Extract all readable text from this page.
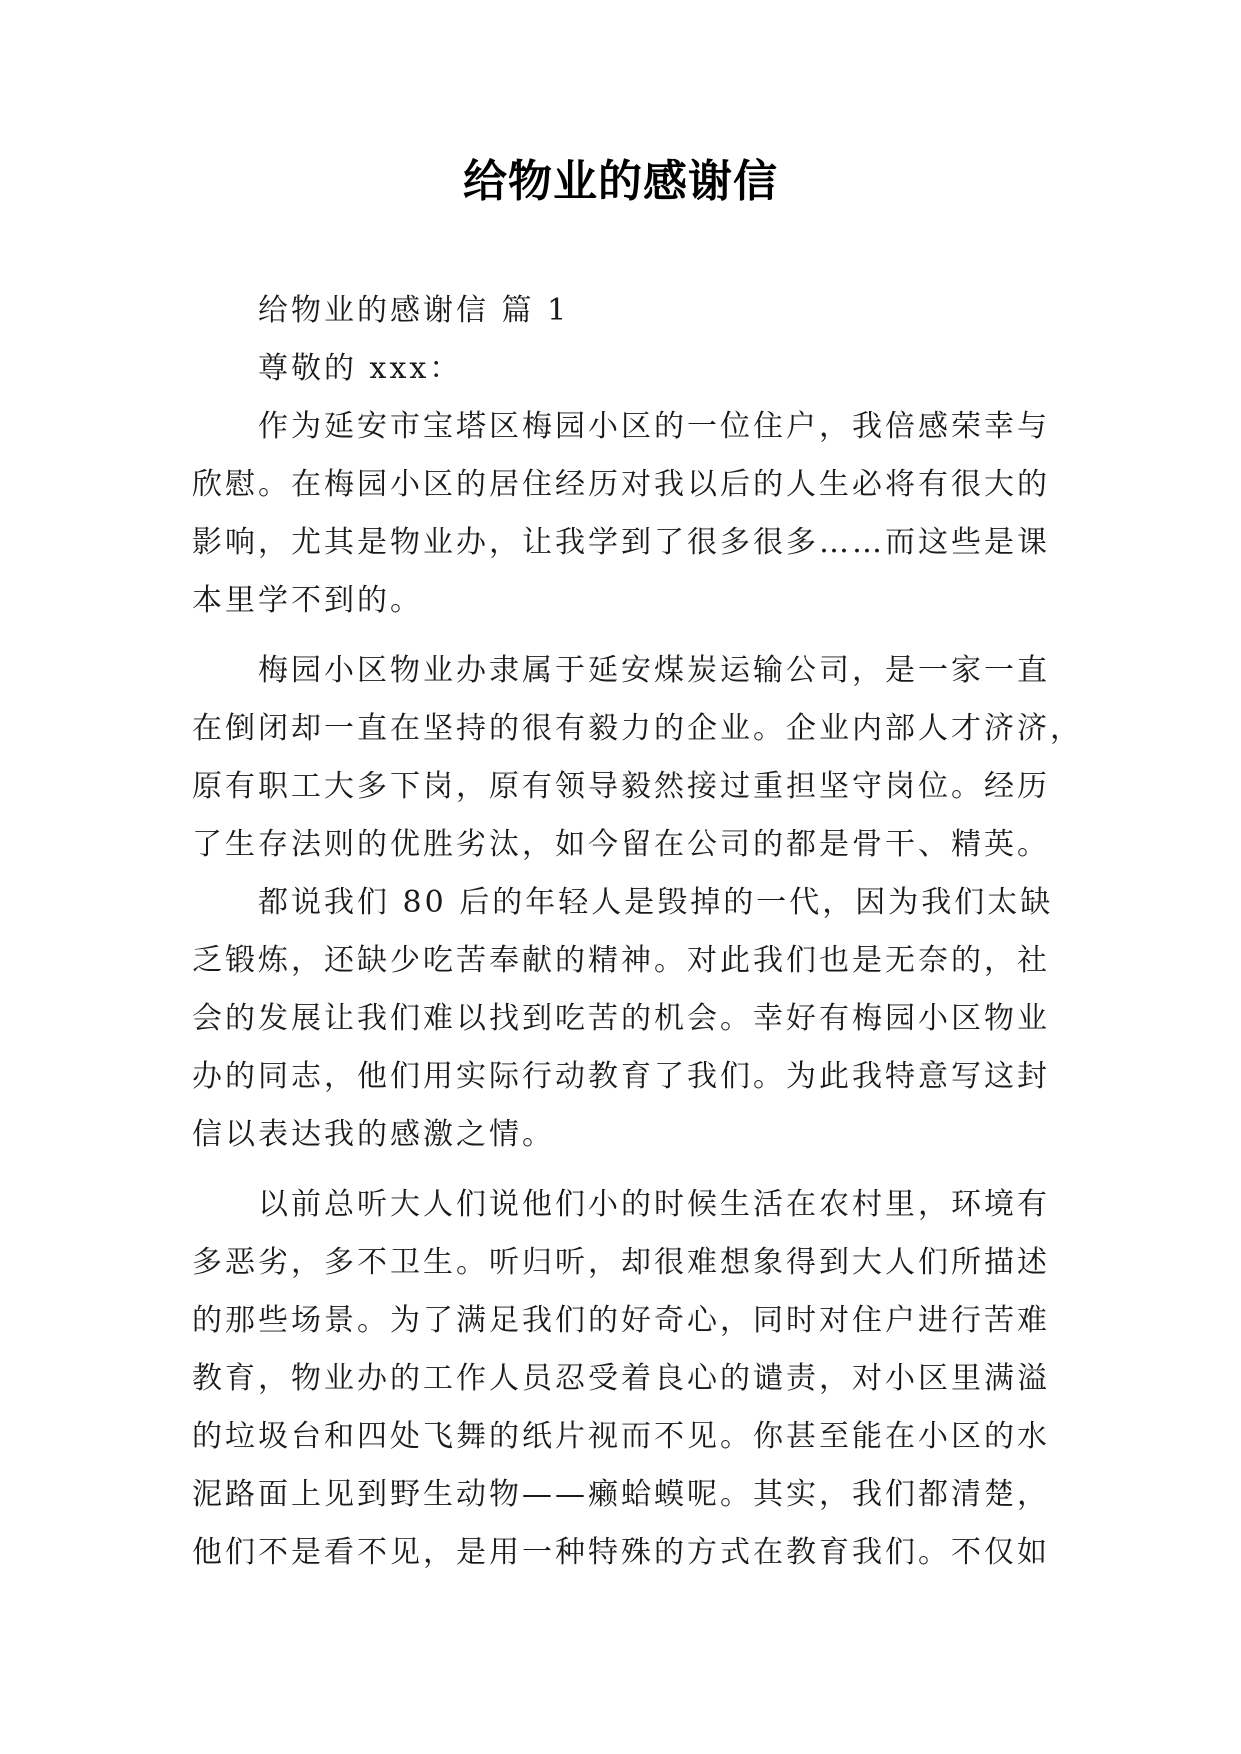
给物业的感谢信
给物业的感谢信 篇 1
尊敬的 xxx：
作为延安市宝塔区梅园小区的一位住户，我倍感荣幸与
欣慰。在梅园小区的居住经历对我以后的人生必将有很大的
影响，尤其是物业办，让我学到了很多很多……而这些是课
本里学不到的。
梅园小区物业办隶属于延安煤炭运输公司，是一家一直
在倒闭却一直在坚持的很有毅力的企业。企业内部人才济济，
原有职工大多下岗，原有领导毅然接过重担坚守岗位。经历
了生存法则的优胜劣汰，如今留在公司的都是骨干、精英。
都说我们 80 后的年轻人是毁掉的一代，因为我们太缺
乏锻炼，还缺少吃苦奉献的精神。对此我们也是无奈的，社
会的发展让我们难以找到吃苦的机会。幸好有梅园小区物业
办的同志，他们用实际行动教育了我们。为此我特意写这封
信以表达我的感激之情。
以前总听大人们说他们小的时候生活在农村里，环境有
多恶劣，多不卫生。听归听，却很难想象得到大人们所描述
的那些场景。为了满足我们的好奇心，同时对住户进行苦难
教育，物业办的工作人员忍受着良心的谴责，对小区里满溢
的垃圾台和四处飞舞的纸片视而不见。你甚至能在小区的水
泥路面上见到野生动物——癞蛤蟆呢。其实，我们都清楚，
他们不是看不见，是用一种特殊的方式在教育我们。不仅如
